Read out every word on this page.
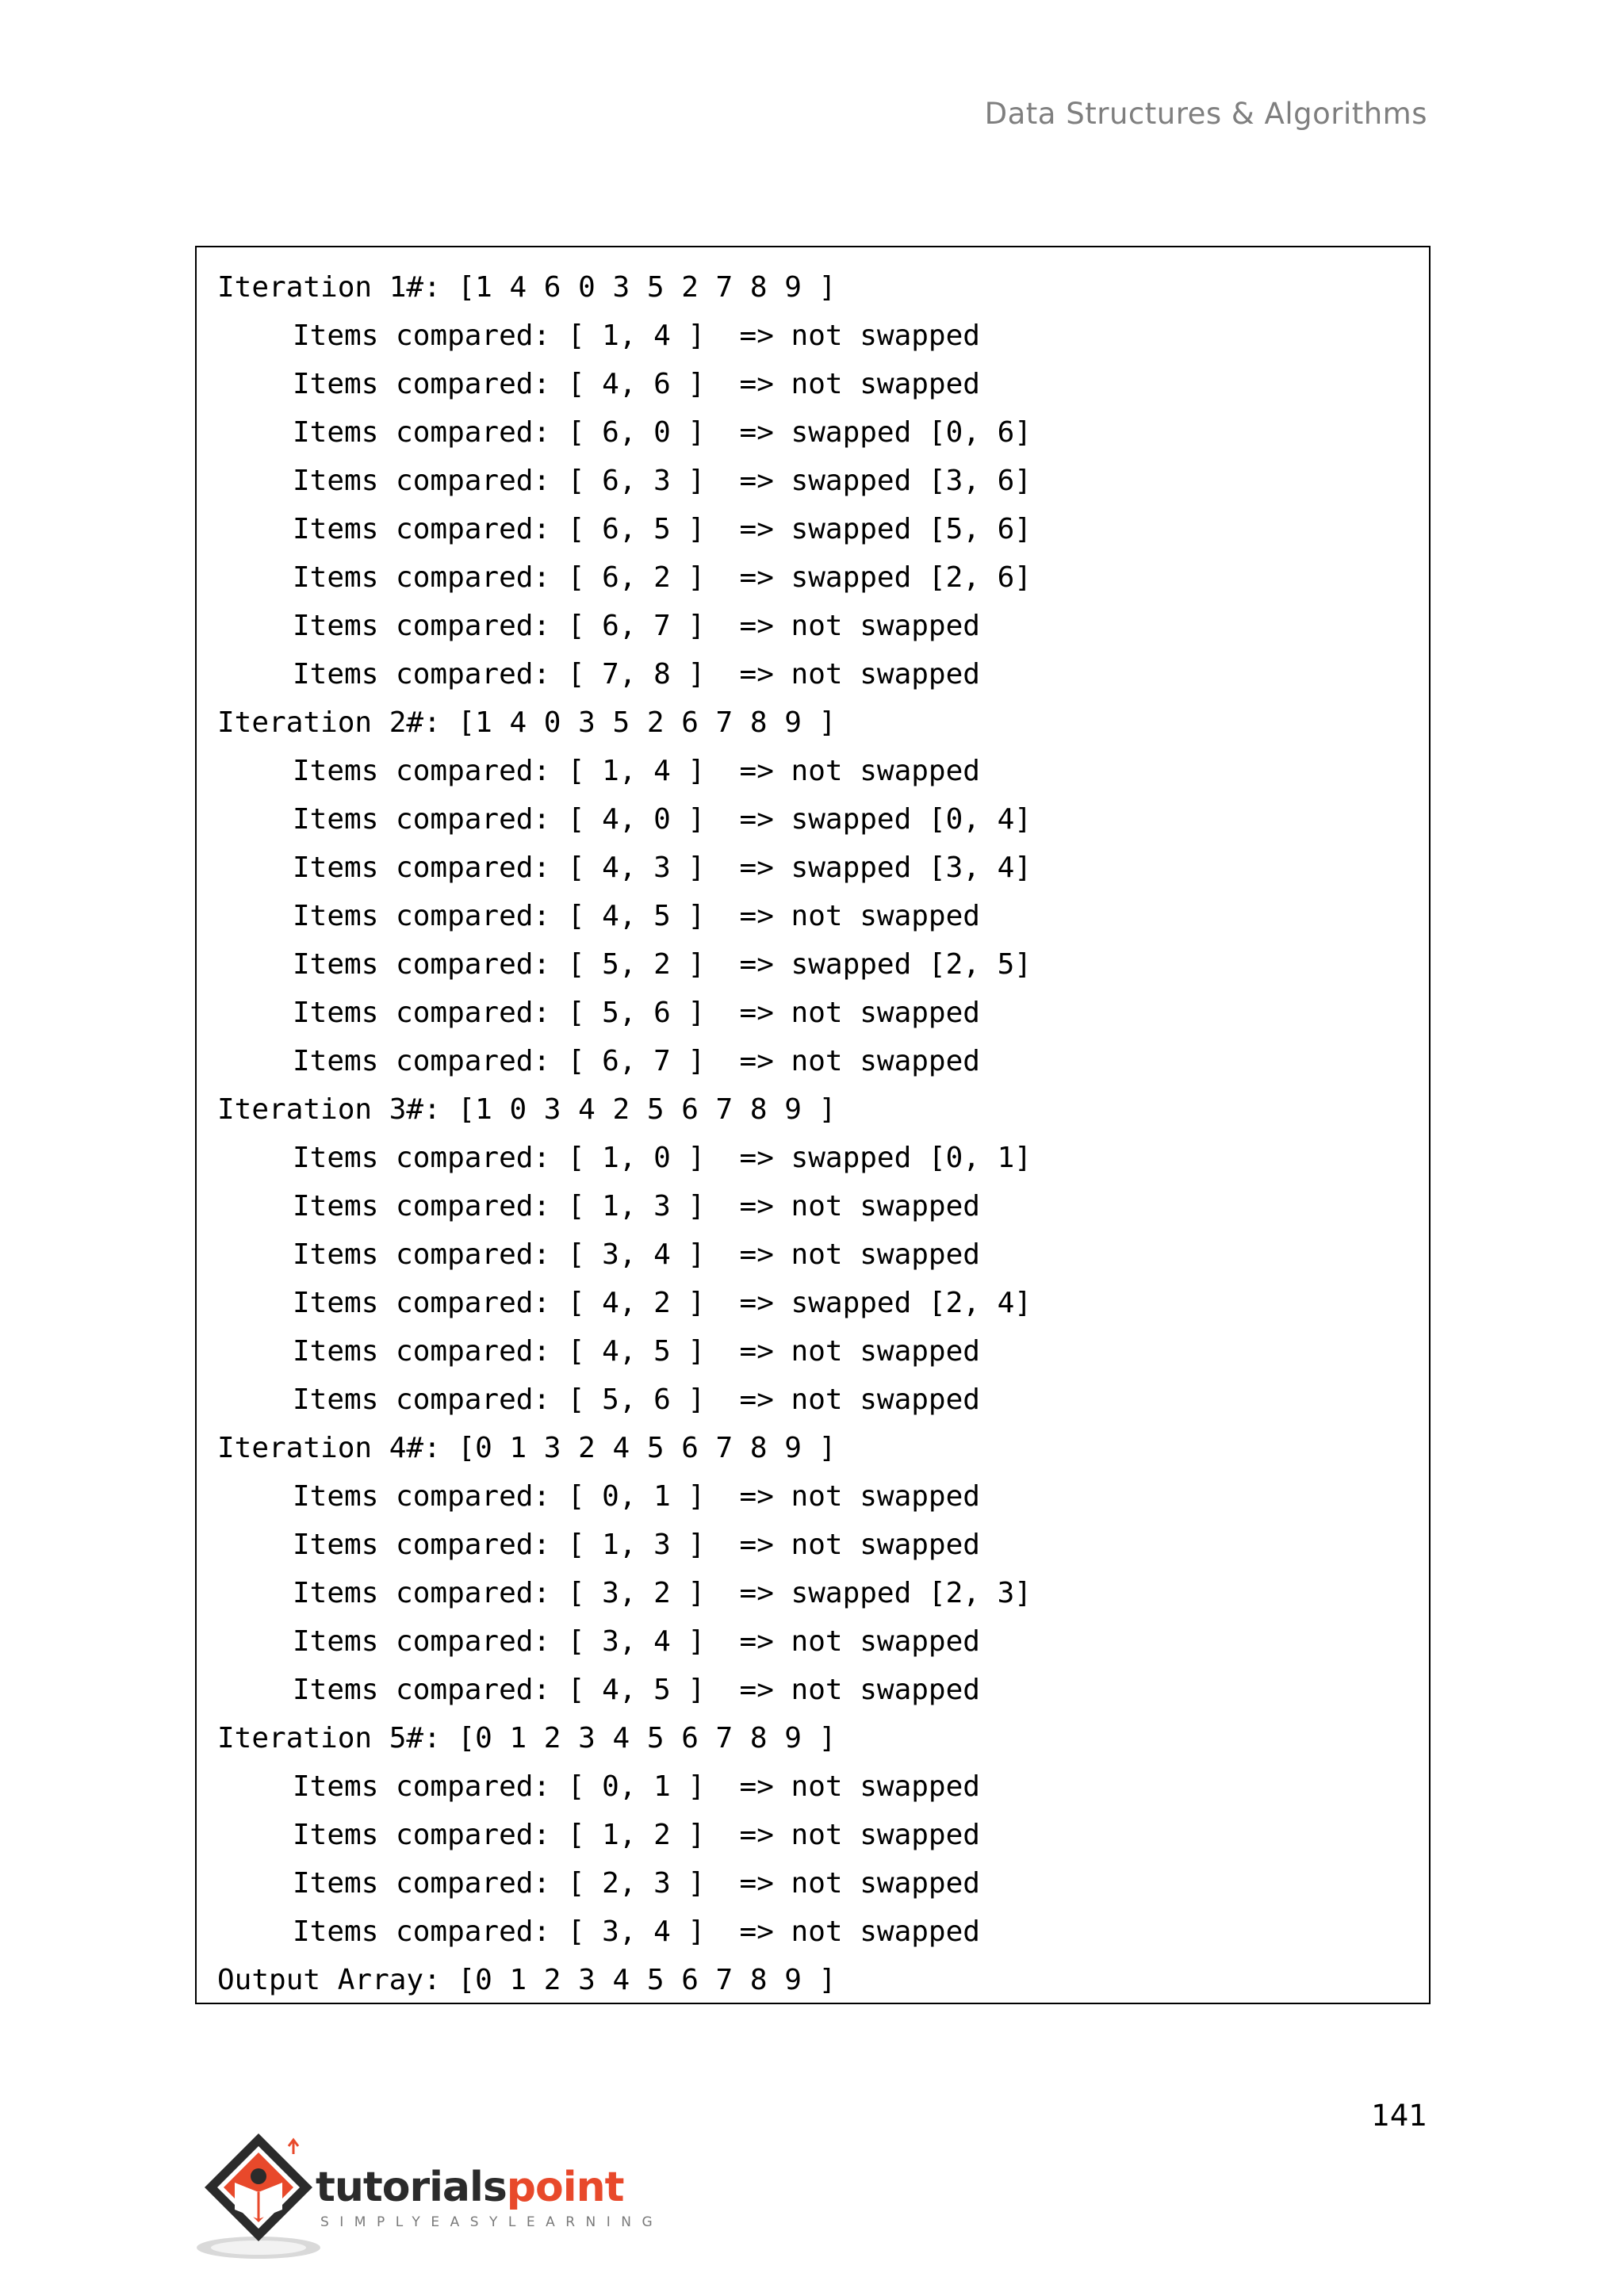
Data Structures & Algorithms
Iteration 1#: [1 4 6 0 3 5 2 7 8 9 ]
Items compared: [ 1, 4 ]  => not swapped
Items compared: [ 4, 6 ]  => not swapped
Items compared: [ 6, 0 ]  => swapped [0, 6]
Items compared: [ 6, 3 ]  => swapped [3, 6]
Items compared: [ 6, 5 ]  => swapped [5, 6]
Items compared: [ 6, 2 ]  => swapped [2, 6]
Items compared: [ 6, 7 ]  => not swapped
Items compared: [ 7, 8 ]  => not swapped
Iteration 2#: [1 4 0 3 5 2 6 7 8 9 ]
Items compared: [ 1, 4 ]  => not swapped
Items compared: [ 4, 0 ]  => swapped [0, 4]
Items compared: [ 4, 3 ]  => swapped [3, 4]
Items compared: [ 4, 5 ]  => not swapped
Items compared: [ 5, 2 ]  => swapped [2, 5]
Items compared: [ 5, 6 ]  => not swapped
Items compared: [ 6, 7 ]  => not swapped
Iteration 3#: [1 0 3 4 2 5 6 7 8 9 ]
Items compared: [ 1, 0 ]  => swapped [0, 1]
Items compared: [ 1, 3 ]  => not swapped
Items compared: [ 3, 4 ]  => not swapped
Items compared: [ 4, 2 ]  => swapped [2, 4]
Items compared: [ 4, 5 ]  => not swapped
Items compared: [ 5, 6 ]  => not swapped
Iteration 4#: [0 1 3 2 4 5 6 7 8 9 ]
Items compared: [ 0, 1 ]  => not swapped
Items compared: [ 1, 3 ]  => not swapped
Items compared: [ 3, 2 ]  => swapped [2, 3]
Items compared: [ 3, 4 ]  => not swapped
Items compared: [ 4, 5 ]  => not swapped
Iteration 5#: [0 1 2 3 4 5 6 7 8 9 ]
Items compared: [ 0, 1 ]  => not swapped
Items compared: [ 1, 2 ]  => not swapped
Items compared: [ 2, 3 ]  => not swapped
Items compared: [ 3, 4 ]  => not swapped
Output Array: [0 1 2 3 4 5 6 7 8 9 ]
141
tutorialspoint
SIMPLYEASYLEARNING
